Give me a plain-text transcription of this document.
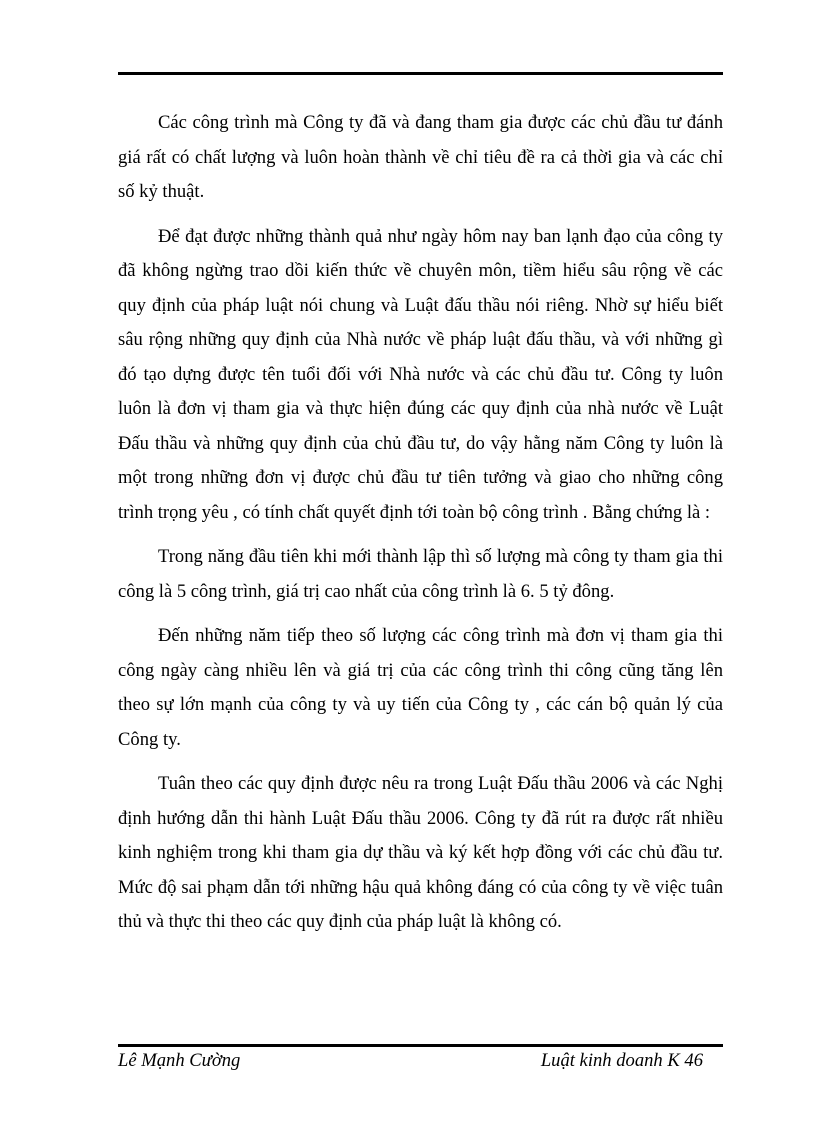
Các công trình mà Công ty đã và đang tham gia được các chủ đầu tư đánh giá rất có chất lượng và luôn hoàn thành về chỉ tiêu đề ra cả thời gia và các chỉ số kỷ thuật.

Để đạt được những thành quả như ngày hôm nay ban lạnh đạo của công ty đã không ngừng trao dồi kiến thức về chuyên môn, tiềm hiểu sâu rộng về các quy định của pháp luật nói chung và Luật đấu thầu nói riêng. Nhờ sự hiểu biết sâu rộng những quy định của Nhà nước về pháp luật đấu thầu, và với những gì đó tạo dựng được tên tuổi đối với Nhà nước và các chủ đầu tư. Công ty luôn luôn là đơn vị tham gia và thực hiện đúng các quy định của nhà nước về Luật Đấu thầu và những quy định của chủ đầu tư, do vậy hằng năm Công ty luôn là một trong những đơn vị được chủ đầu tư tiên tưởng và giao cho những công trình trọng yêu , có tính chất quyết định tới toàn bộ công trình . Bằng chứng là :

Trong năng đầu tiên khi mới thành lập thì số lượng mà công ty tham gia thi công là 5 công trình, giá trị cao nhất của công trình là 6. 5 tỷ đông.

Đến những năm tiếp theo số lượng các công trình mà đơn vị tham gia thi công ngày càng nhiều lên và giá trị của các công trình thi công cũng tăng lên theo sự lớn mạnh của công ty và uy tiến của Công ty , các cán bộ quản lý của Công ty.

Tuân theo các quy định được nêu ra trong Luật Đấu thầu 2006 và các Nghị định hướng dẫn thi hành Luật Đấu thầu 2006. Công ty đã rút ra được rất nhiều kinh nghiệm trong khi tham gia dự thầu và ký kết hợp đồng với các chủ đầu tư. Mức độ sai phạm dẫn tới những hậu quả không đáng có của công ty về việc tuân thủ và thực thi theo các quy định của pháp luật là không có.

Lê Mạnh Cường	Luật kinh doanh K 46
